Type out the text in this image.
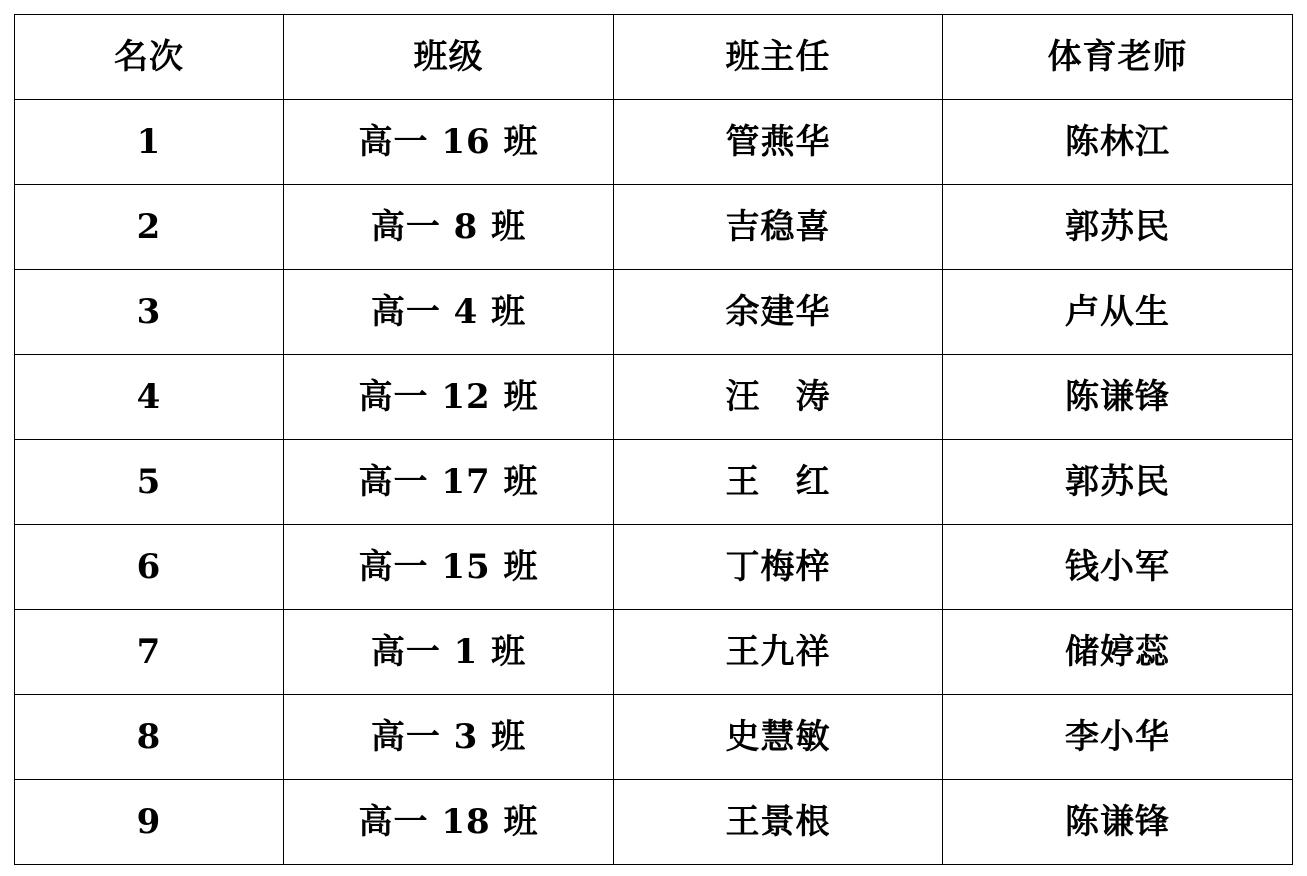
名次	班级	班主任	体育老师
1	高一 16 班	管燕华	陈林江
2	高一 8 班	吉稳喜	郭苏民
3	高一 4 班	余建华	卢从生
4	高一 12 班	汪　涛	陈谦锋
5	高一 17 班	王　红	郭苏民
6	高一 15 班	丁梅梓	钱小军
7	高一 1 班	王九祥	储婷蕊
8	高一 3 班	史慧敏	李小华
9	高一 18 班	王景根	陈谦锋
